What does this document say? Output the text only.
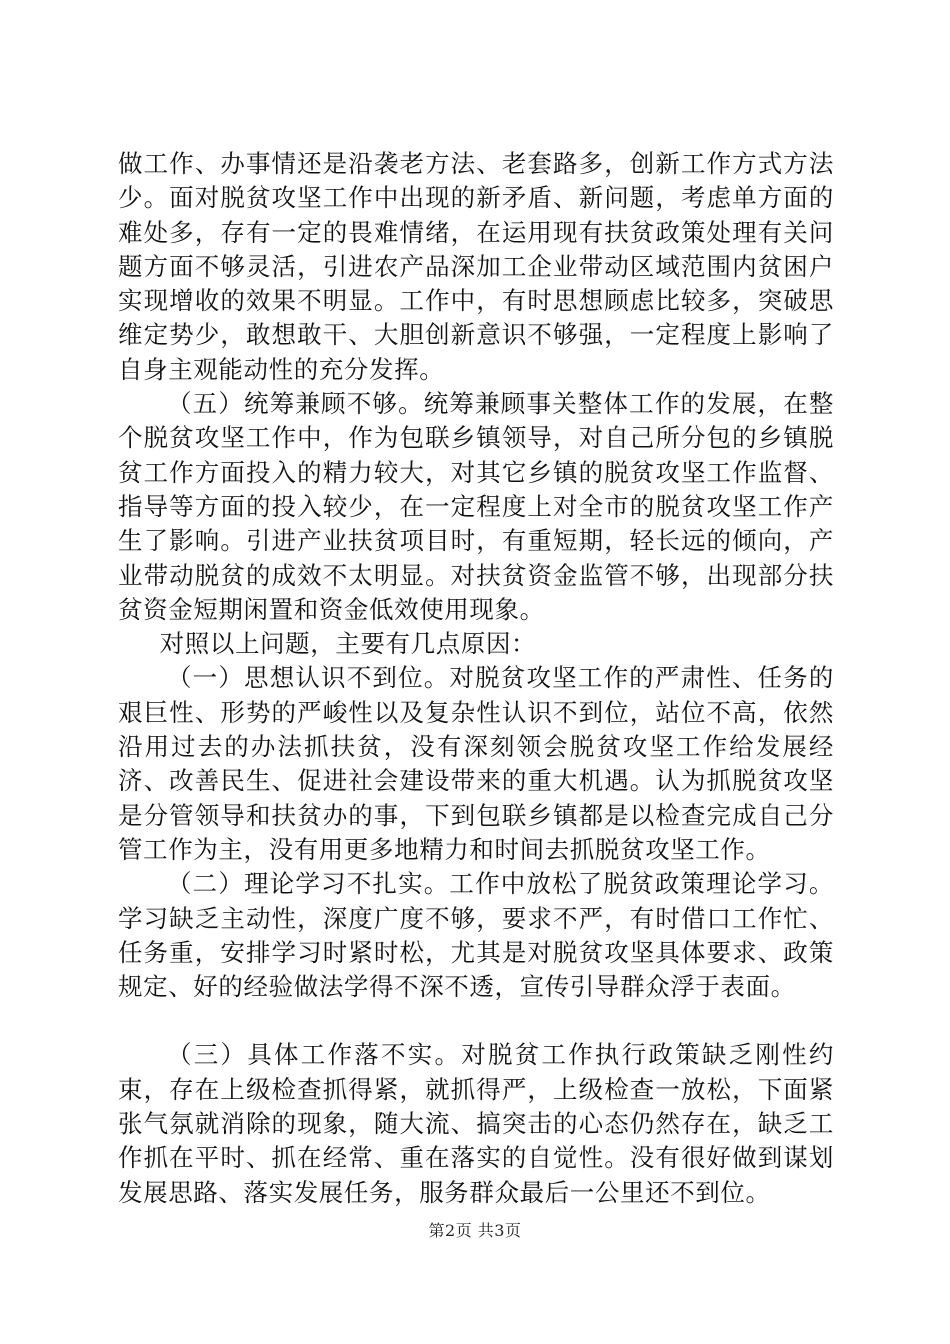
做工作、办事情还是沿袭老方法、老套路多，创新工作方式方法少。面对脱贫攻坚工作中出现的新矛盾、新问题，考虑单方面的难处多，存有一定的畏难情绪，在运用现有扶贫政策处理有关问题方面不够灵活，引进农产品深加工企业带动区域范围内贫困户实现增收的效果不明显。工作中，有时思想顾虑比较多，突破思维定势少，敢想敢干、大胆创新意识不够强，一定程度上影响了自身主观能动性的充分发挥。

（五）统筹兼顾不够。统筹兼顾事关整体工作的发展，在整个脱贫攻坚工作中，作为包联乡镇领导，对自己所分包的乡镇脱贫工作方面投入的精力较大，对其它乡镇的脱贫攻坚工作监督、指导等方面的投入较少，在一定程度上对全市的脱贫攻坚工作产生了影响。引进产业扶贫项目时，有重短期，轻长远的倾向，产业带动脱贫的成效不太明显。对扶贫资金监管不够，出现部分扶贫资金短期闲置和资金低效使用现象。

对照以上问题，主要有几点原因：

（一）思想认识不到位。对脱贫攻坚工作的严肃性、任务的艰巨性、形势的严峻性以及复杂性认识不到位，站位不高，依然沿用过去的办法抓扶贫，没有深刻领会脱贫攻坚工作给发展经济、改善民生、促进社会建设带来的重大机遇。认为抓脱贫攻坚是分管领导和扶贫办的事，下到包联乡镇都是以检查完成自己分管工作为主，没有用更多地精力和时间去抓脱贫攻坚工作。

（二）理论学习不扎实。工作中放松了脱贫政策理论学习。学习缺乏主动性，深度广度不够，要求不严，有时借口工作忙、任务重，安排学习时紧时松，尤其是对脱贫攻坚具体要求、政策规定、好的经验做法学得不深不透，宣传引导群众浮于表面。

（三）具体工作落不实。对脱贫工作执行政策缺乏刚性约束，存在上级检查抓得紧，就抓得严，上级检查一放松，下面紧张气氛就消除的现象，随大流、搞突击的心态仍然存在，缺乏工作抓在平时、抓在经常、重在落实的自觉性。没有很好做到谋划发展思路、落实发展任务，服务群众最后一公里还不到位。

第2页 共3页
